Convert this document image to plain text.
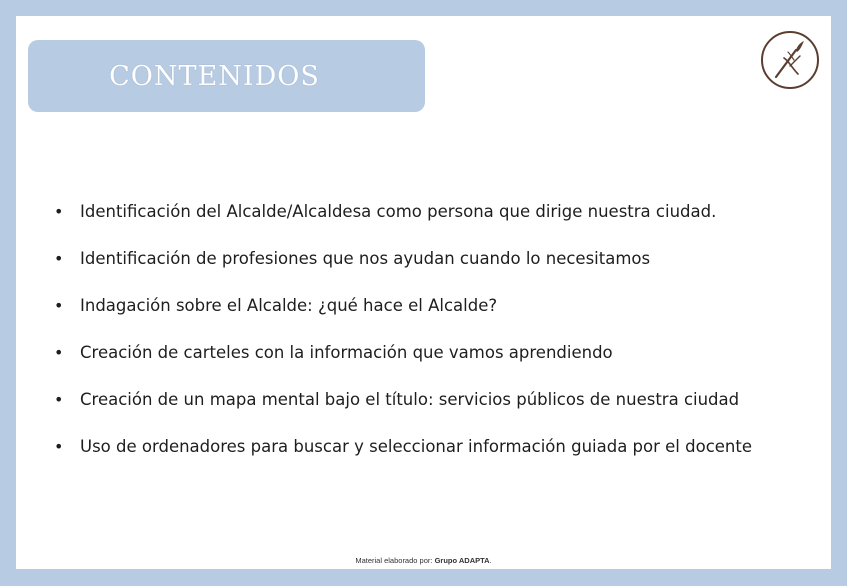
CONTENIDOS
• Identificación del Alcalde/Alcaldesa como persona que dirige nuestra ciudad.
• Identificación de profesiones que nos ayudan cuando lo necesitamos
• Indagación sobre el Alcalde: ¿qué hace el Alcalde?
• Creación de carteles con la información que vamos aprendiendo
• Creación de un mapa mental bajo el título: servicios públicos de nuestra ciudad
• Uso de ordenadores para buscar y seleccionar información guiada por el docente
Material elaborado por: Grupo ADAPTA.
